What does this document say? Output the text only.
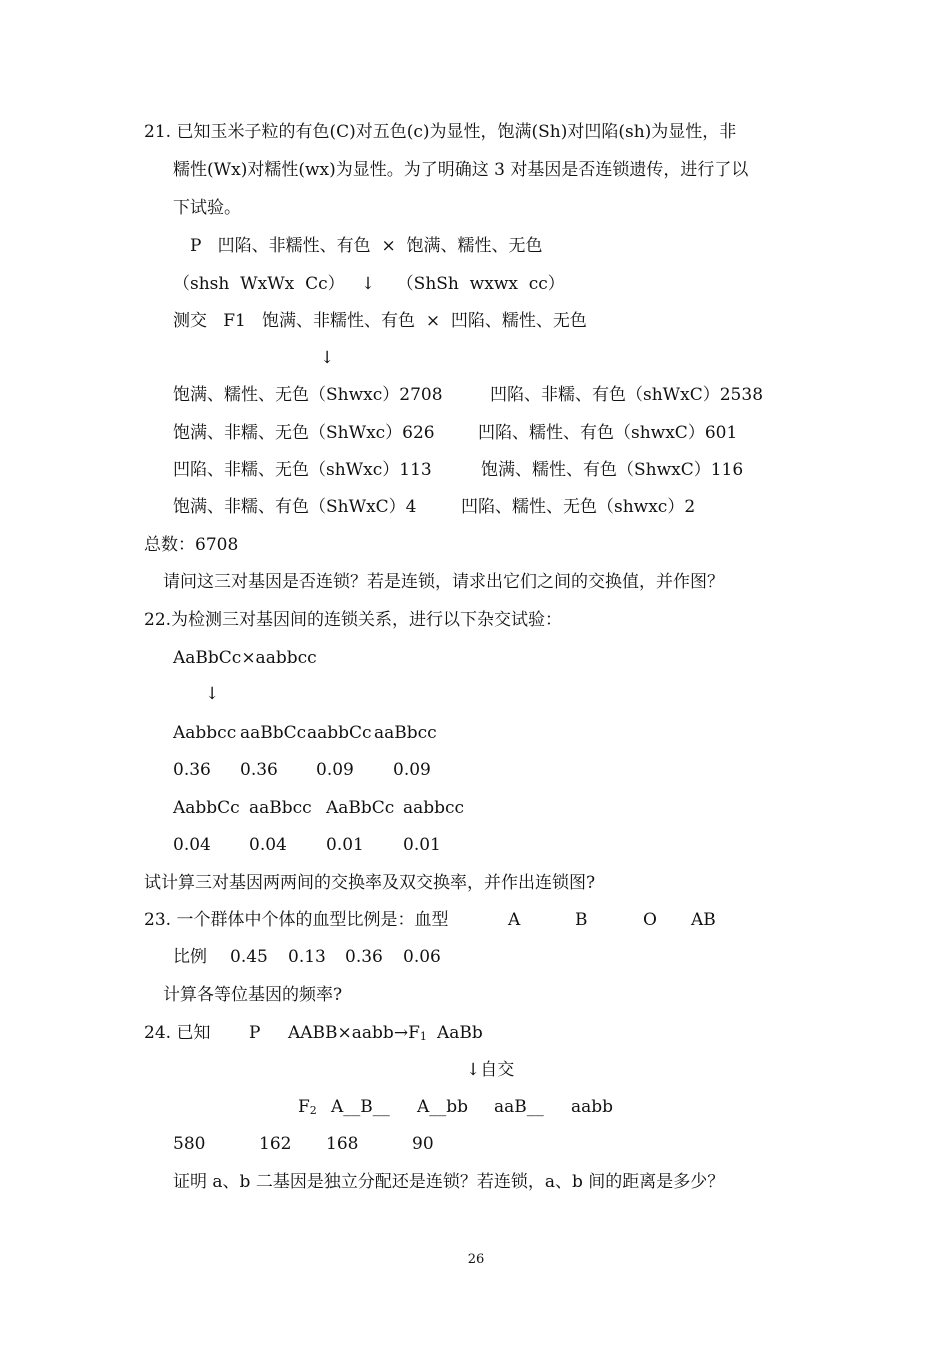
21. 已知玉米子粒的有色(C)对五色(c)为显性，饱满(Sh)对凹陷(sh)为显性，非
糯性(Wx)对糯性(wx)为显性。为了明确这 3 对基因是否连锁遗传，进行了以
下试验。
P   凹陷、非糯性、有色  ×  饱满、糯性、无色
（shsh  WxWx  Cc）   ↓    （ShSh  wxwx  cc）
测交   F1   饱满、非糯性、有色  ×  凹陷、糯性、无色
↓
饱满、糯性、无色（Shwxc）2708	凹陷、非糯、有色（shWxC）2538
饱满、非糯、无色（ShWxc）626	凹陷、糯性、有色（shwxC）601
凹陷、非糯、无色（shWxc）113	饱满、糯性、有色（ShwxC）116
饱满、非糯、有色（ShWxC）4	凹陷、糯性、无色（shwxc）2
总数：6708
请问这三对基因是否连锁？若是连锁，请求出它们之间的交换值，并作图？
22.为检测三对基因间的连锁关系，进行以下杂交试验：
AaBbCc×aabbcc
↓
Aabbcc aaBbCc aabbCc aaBbcc
0.36 0.36 0.09 0.09
AabbCc aaBbcc AaBbCc aabbcc
0.04 0.04 0.01 0.01
试计算三对基因两两间的交换率及双交换率，并作出连锁图?
23. 一个群体中个体的血型比例是：血型	A	B	O AB
比例 0.45 0.13 0.36 0.06
计算各等位基因的频率?
24. 已知 P $AABB\times aabb\to F_1$ AaBb
↓自交
$F_2$ A__B__ A__bb aaB__ aabb
580	162 168	90
证明 a、b 二基因是独立分配还是连锁？若连锁，a、b 间的距离是多少？
26
